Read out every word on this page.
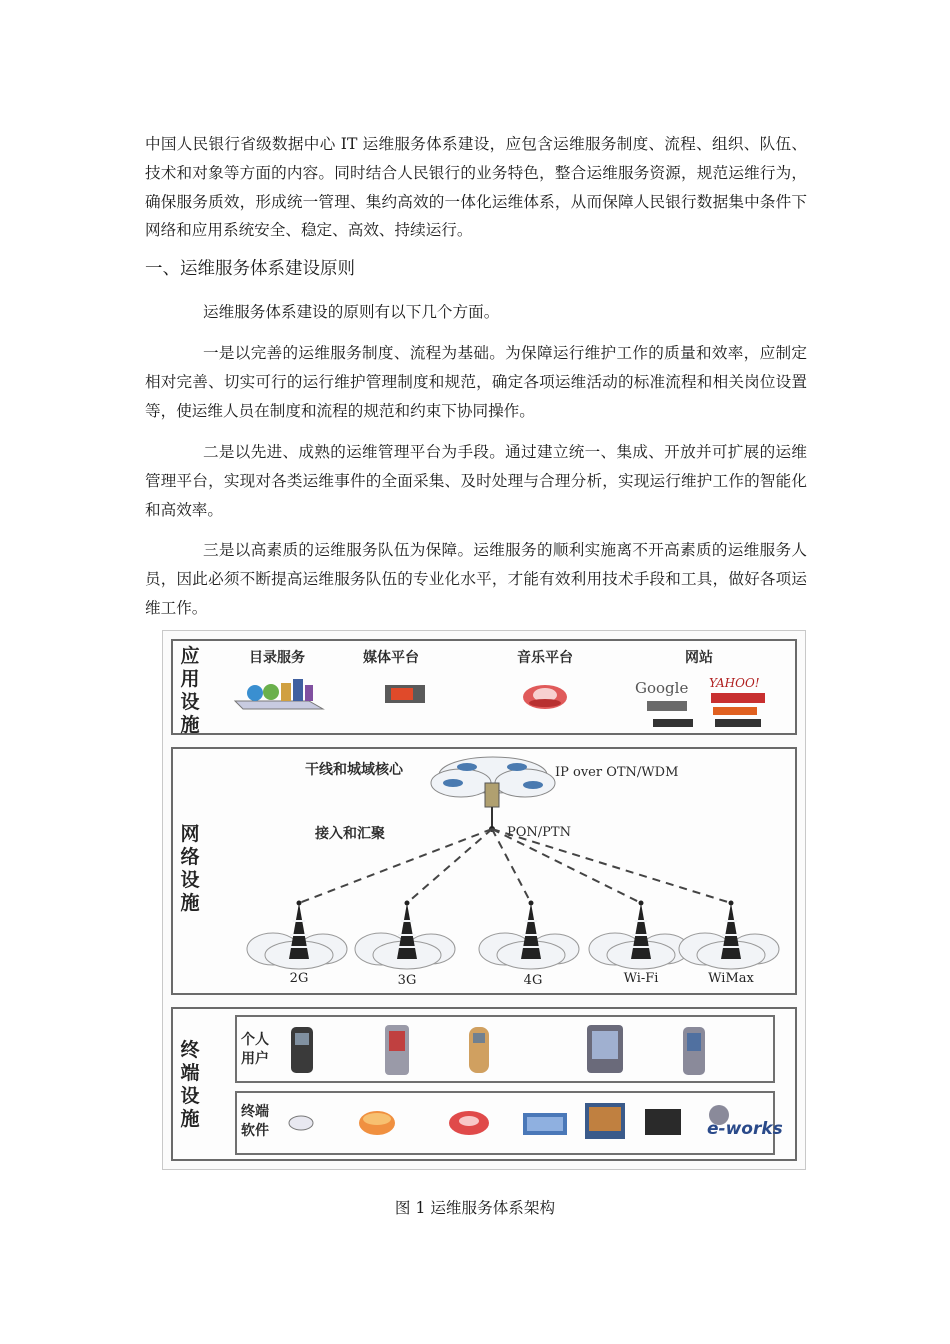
中国人民银行省级数据中心 IT 运维服务体系建设，应包含运维服务制度、流程、组织、队伍、技术和对象等方面的内容。同时结合人民银行的业务特色，整合运维服务资源，规范运维行为，确保服务质效，形成统一管理、集约高效的一体化运维体系，从而保障人民银行数据集中条件下网络和应用系统安全、稳定、高效、持续运行。

一、运维服务体系建设原则

运维服务体系建设的原则有以下几个方面。

一是以完善的运维服务制度、流程为基础。为保障运行维护工作的质量和效率，应制定相对完善、切实可行的运行维护管理制度和规范，确定各项运维活动的标准流程和相关岗位设置等，使运维人员在制度和流程的规范和约束下协同操作。

二是以先进、成熟的运维管理平台为手段。通过建立统一、集成、开放并可扩展的运维管理平台，实现对各类运维事件的全面采集、及时处理与合理分析，实现运行维护工作的智能化和高效率。

三是以高素质的运维服务队伍为保障。运维服务的顺利实施离不开高素质的运维服务人员，因此必须不断提高运维服务队伍的专业化水平，才能有效利用技术手段和工具，做好各项运维工作。

应用设施
目录服务	媒体平台	音乐平台	网站
Google YAHOO!
网络设施
干线和城域核心	IP over OTN/WDM
接入和汇聚	PON/PTN
2G	3G	4G	Wi-Fi	WiMax
终端设施
个人用户
终端软件	e-works

图 1 运维服务体系架构
